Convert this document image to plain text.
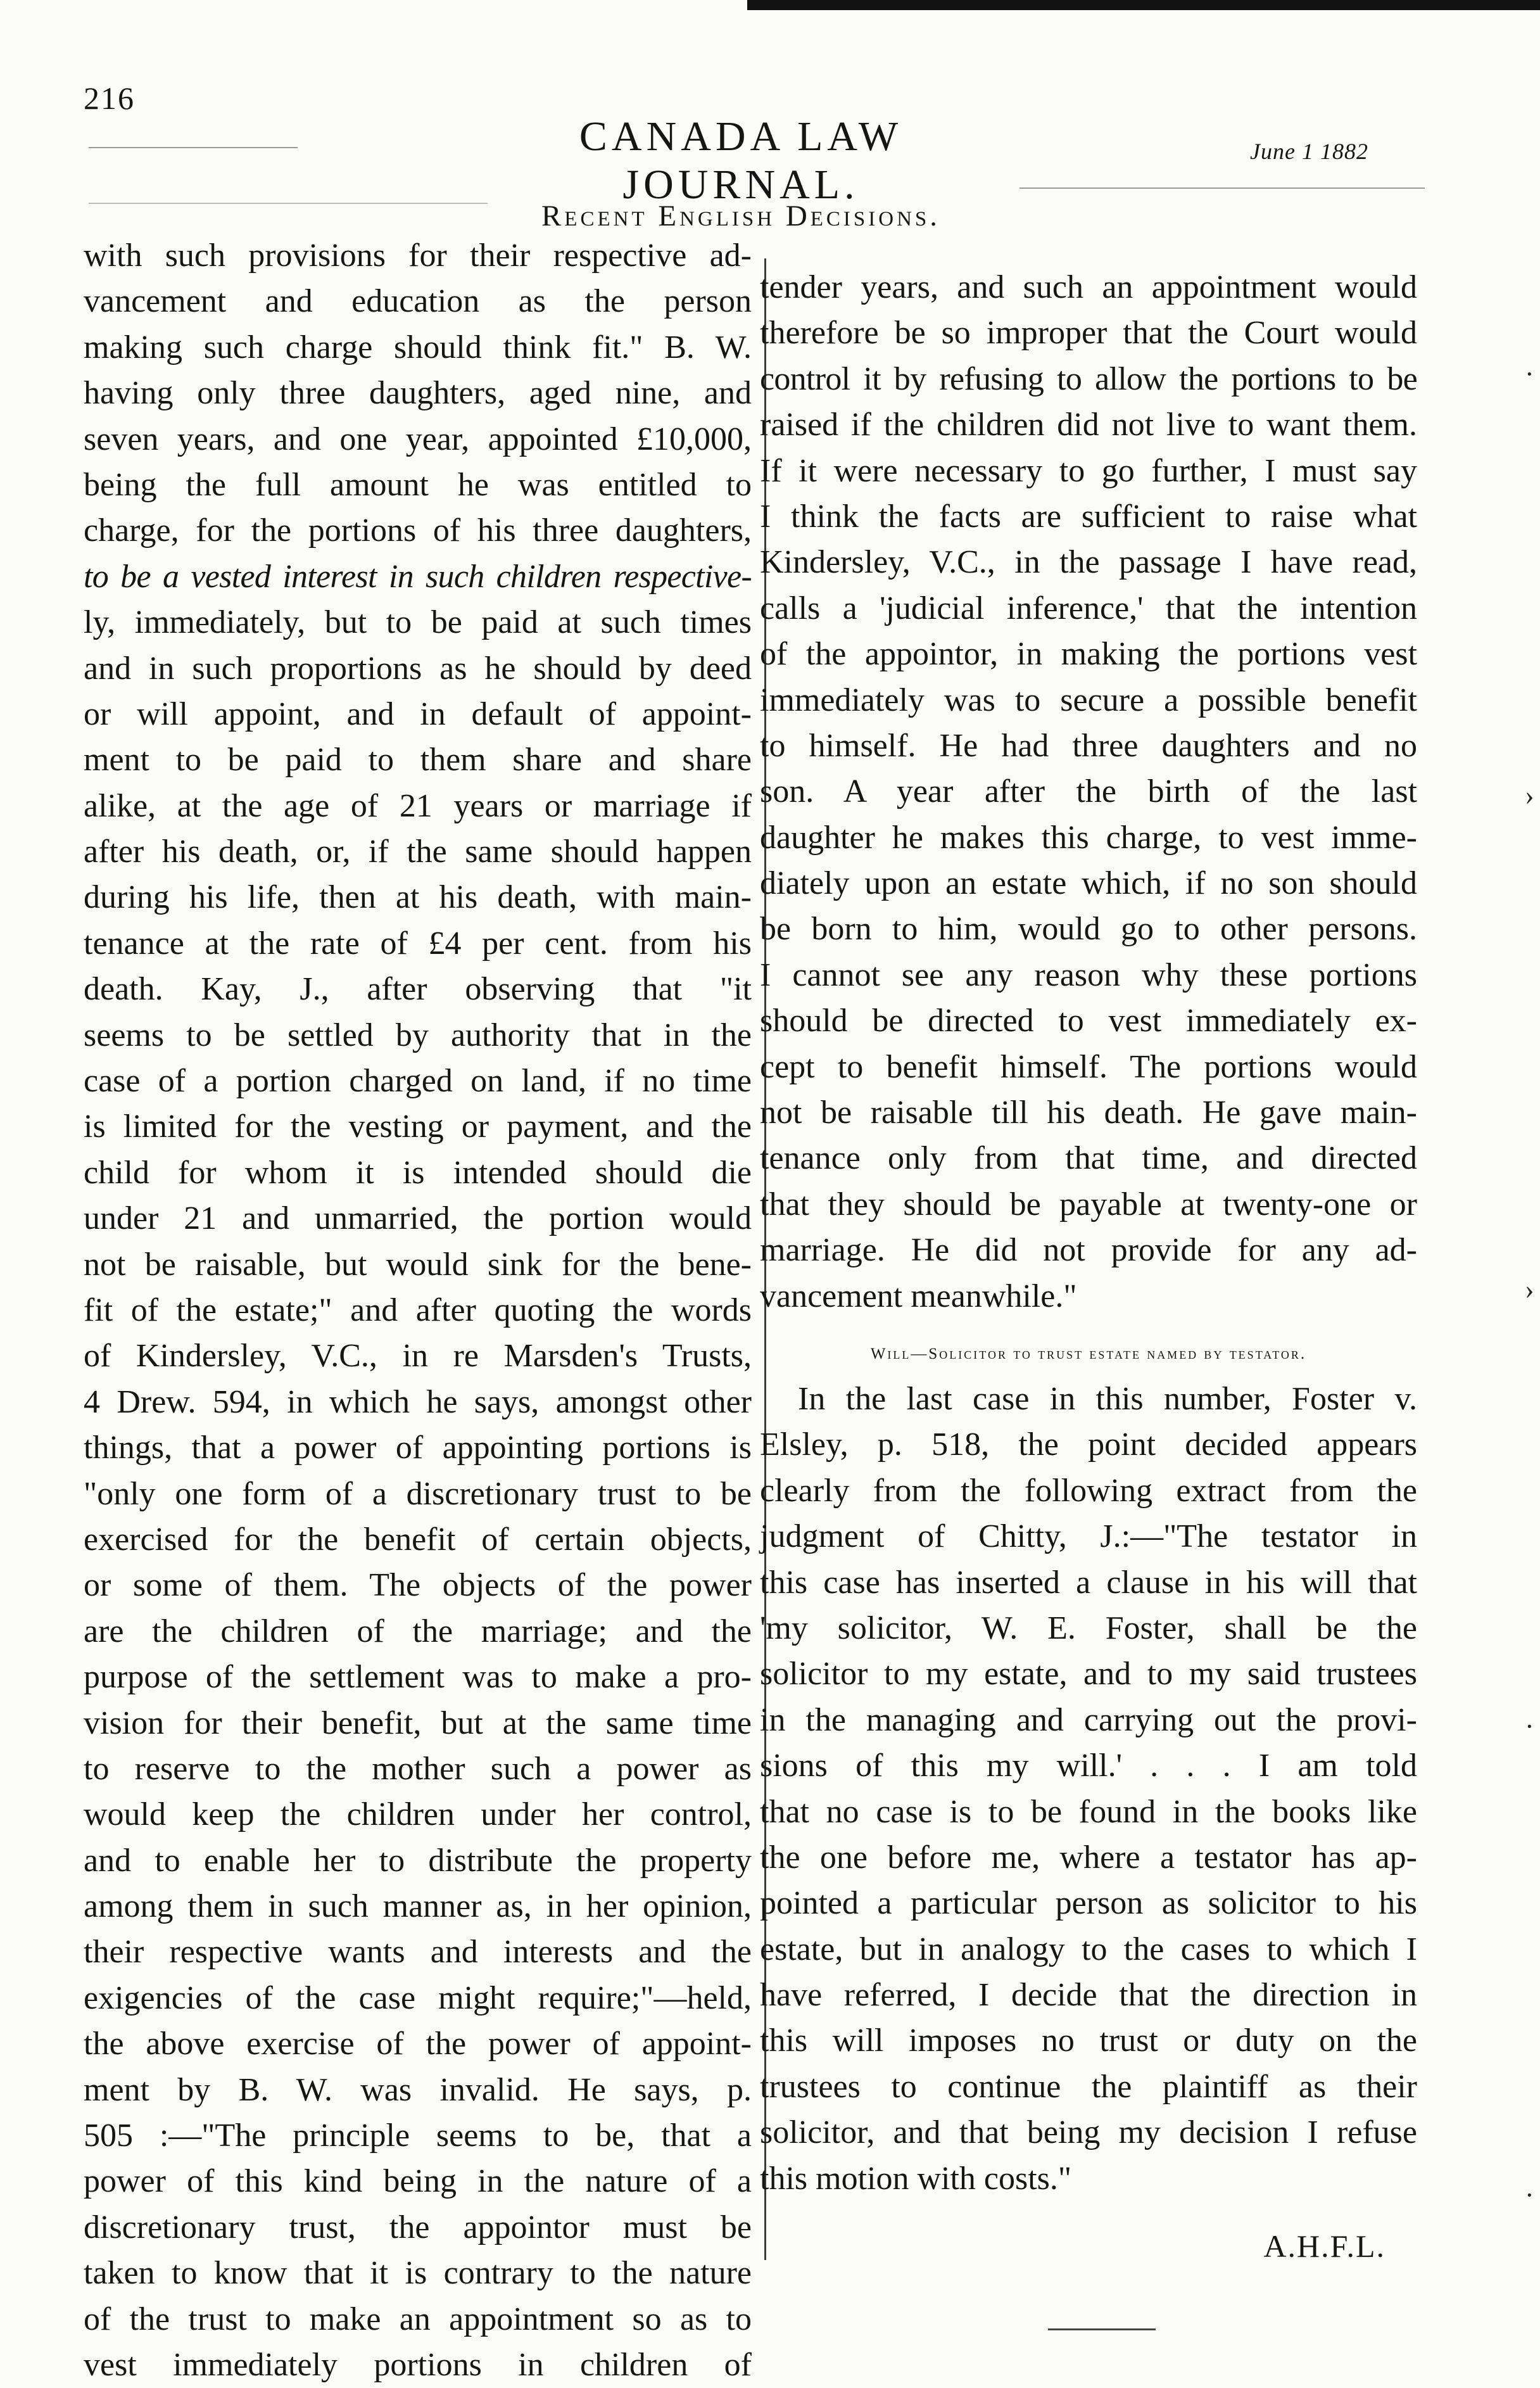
216
CANADA LAW JOURNAL.
June 1 1882
Recent English Decisions.
with such provisions for their respective ad-
vancement and education as the person
making such charge should think fit." B. W.
having only three daughters, aged nine, and
seven years, and one year, appointed £10,000,
being the full amount he was entitled to
charge, for the portions of his three daughters,
to be a vested interest in such children respective-
ly, immediately, but to be paid at such times
and in such proportions as he should by deed
or will appoint, and in default of appoint-
ment to be paid to them share and share
alike, at the age of 21 years or marriage if
after his death, or, if the same should happen
during his life, then at his death, with main-
tenance at the rate of £4 per cent. from his
death. Kay, J., after observing that "it
seems to be settled by authority that in the
case of a portion charged on land, if no time
is limited for the vesting or payment, and the
child for whom it is intended should die
under 21 and unmarried, the portion would
not be raisable, but would sink for the bene-
fit of the estate;" and after quoting the words
of Kindersley, V.C., in re Marsden's Trusts,
4 Drew. 594, in which he says, amongst other
things, that a power of appointing portions is
"only one form of a discretionary trust to be
exercised for the benefit of certain objects,
or some of them. The objects of the power
are the children of the marriage; and the
purpose of the settlement was to make a pro-
vision for their benefit, but at the same time
to reserve to the mother such a power as
would keep the children under her control,
and to enable her to distribute the property
among them in such manner as, in her opinion,
their respective wants and interests and the
exigencies of the case might require;"—held,
the above exercise of the power of appoint-
ment by B. W. was invalid. He says, p.
505 :—"The principle seems to be, that a
power of this kind being in the nature of a
discretionary trust, the appointor must be
taken to know that it is contrary to the nature
of the trust to make an appointment so as to
vest immediately portions in children of
tender years, and such an appointment would
therefore be so improper that the Court would
control it by refusing to allow the portions to be
raised if the children did not live to want them.
If it were necessary to go further, I must say
I think the facts are sufficient to raise what
Kindersley, V.C., in the passage I have read,
calls a 'judicial inference,' that the intention
of the appointor, in making the portions vest
immediately was to secure a possible benefit
to himself. He had three daughters and no
son. A year after the birth of the last
daughter he makes this charge, to vest imme-
diately upon an estate which, if no son should
be born to him, would go to other persons.
I cannot see any reason why these portions
should be directed to vest immediately ex-
cept to benefit himself. The portions would
not be raisable till his death. He gave main-
tenance only from that time, and directed
that they should be payable at twenty-one or
marriage. He did not provide for any ad-
vancement meanwhile."
Will—Solicitor to trust estate named by testator.
In the last case in this number, Foster v.
Elsley, p. 518, the point decided appears
clearly from the following extract from the
judgment of Chitty, J.:—"The testator in
this case has inserted a clause in his will that
'my solicitor, W. E. Foster, shall be the
solicitor to my estate, and to my said trustees
in the managing and carrying out the provi-
sions of this my will.' . . . I am told
that no case is to be found in the books like
the one before me, where a testator has ap-
pointed a particular person as solicitor to his
estate, but in analogy to the cases to which I
have referred, I decide that the direction in
this will imposes no trust or duty on the
trustees to continue the plaintiff as their
solicitor, and that being my decision I refuse
this motion with costs."
A.H.F.L.
·
›
›
·
·
